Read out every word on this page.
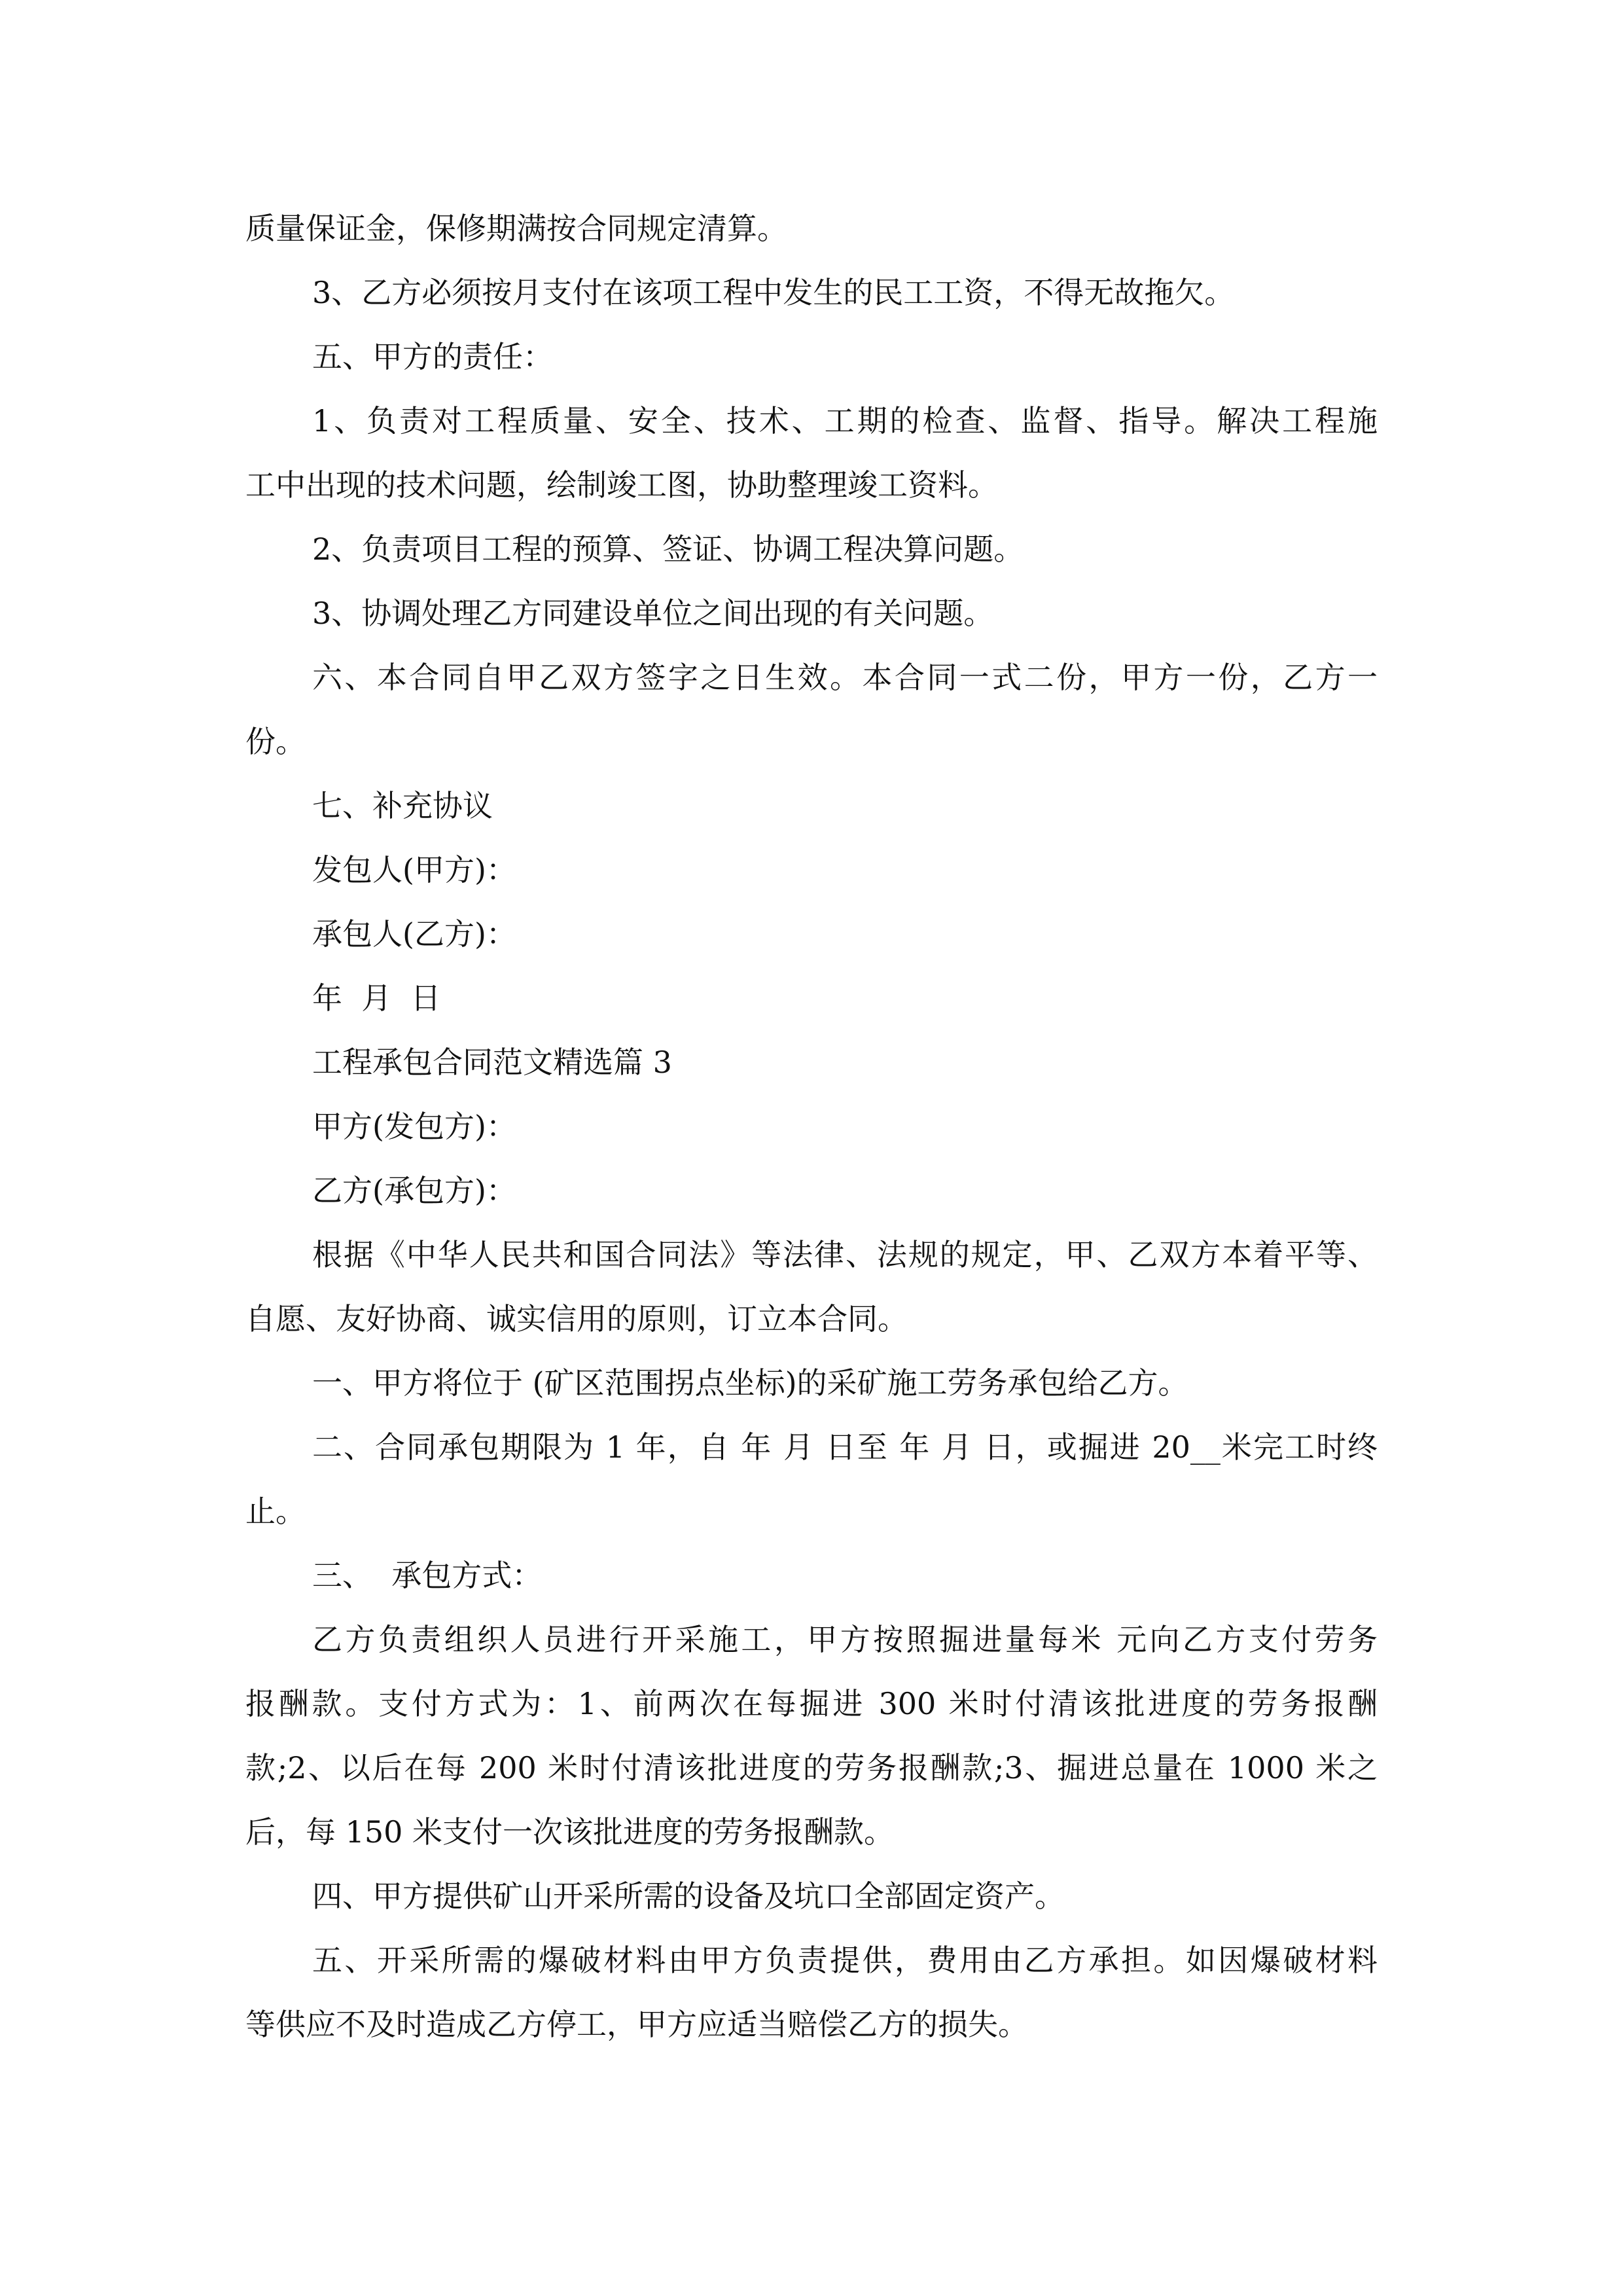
质量保证金，保修期满按合同规定清算。

3、乙方必须按月支付在该项工程中发生的民工工资，不得无故拖欠。

五、甲方的责任：

1、负责对工程质量、安全、技术、工期的检查、监督、指导。解决工程施

工中出现的技术问题，绘制竣工图，协助整理竣工资料。

2、负责项目工程的预算、签证、协调工程决算问题。

3、协调处理乙方同建设单位之间出现的有关问题。

六、本合同自甲乙双方签字之日生效。本合同一式二份，甲方一份，乙方一

份。

七、补充协议

发包人(甲方)：

承包人(乙方)：

年  月  日

工程承包合同范文精选篇 3

甲方(发包方)：

乙方(承包方)：

根据《中华人民共和国合同法》等法律、法规的规定，甲、乙双方本着平等、

自愿、友好协商、诚实信用的原则，订立本合同。

一、甲方将位于 (矿区范围拐点坐标)的采矿施工劳务承包给乙方。

二、合同承包期限为 1 年，自 年 月 日至 年 月 日，或掘进 20__米完工时终

止。

三、  承包方式：

乙方负责组织人员进行开采施工，甲方按照掘进量每米 元向乙方支付劳务

报酬款。支付方式为：1、前两次在每掘进 300 米时付清该批进度的劳务报酬

款;2、以后在每 200 米时付清该批进度的劳务报酬款;3、掘进总量在 1000 米之

后，每 150 米支付一次该批进度的劳务报酬款。

四、甲方提供矿山开采所需的设备及坑口全部固定资产。

五、开采所需的爆破材料由甲方负责提供，费用由乙方承担。如因爆破材料

等供应不及时造成乙方停工，甲方应适当赔偿乙方的损失。
